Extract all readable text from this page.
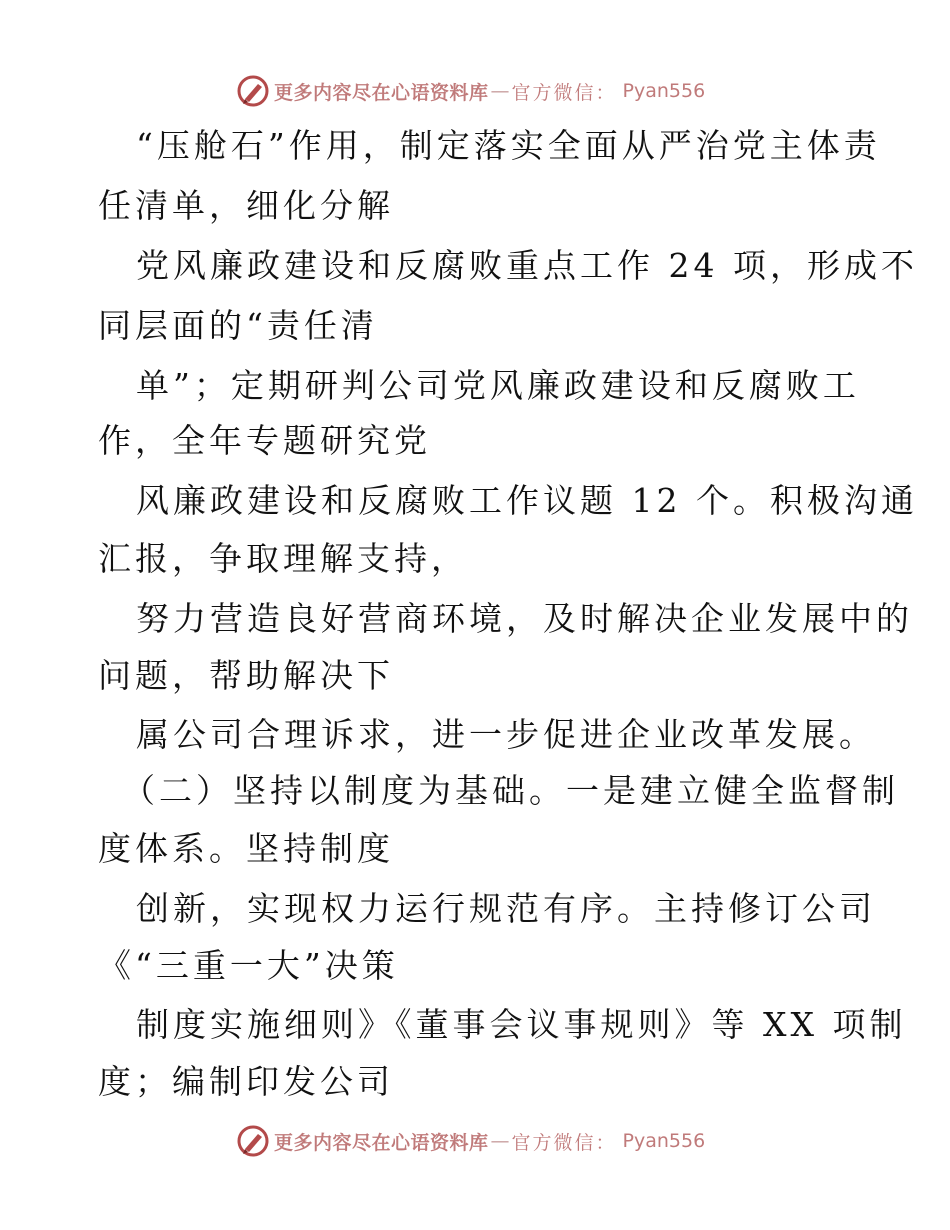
更多内容尽在心语资料库 — 官方微信： Pyan556
“压舱石”作用，制定落实全面从严治党主体责
任清单，细化分解
党风廉政建设和反腐败重点工作 24 项，形成不
同层面的“责任清
单”；定期研判公司党风廉政建设和反腐败工
作，全年专题研究党
风廉政建设和反腐败工作议题 12 个。积极沟通
汇报，争取理解支持，
努力营造良好营商环境，及时解决企业发展中的
问题，帮助解决下
属公司合理诉求，进一步促进企业改革发展。
（二）坚持以制度为基础。一是建立健全监督制
度体系。坚持制度
创新，实现权力运行规范有序。主持修订公司
《“三重一大”决策
制度实施细则》《董事会议事规则》等 XX 项制
度；编制印发公司
更多内容尽在心语资料库 — 官方微信： Pyan556
